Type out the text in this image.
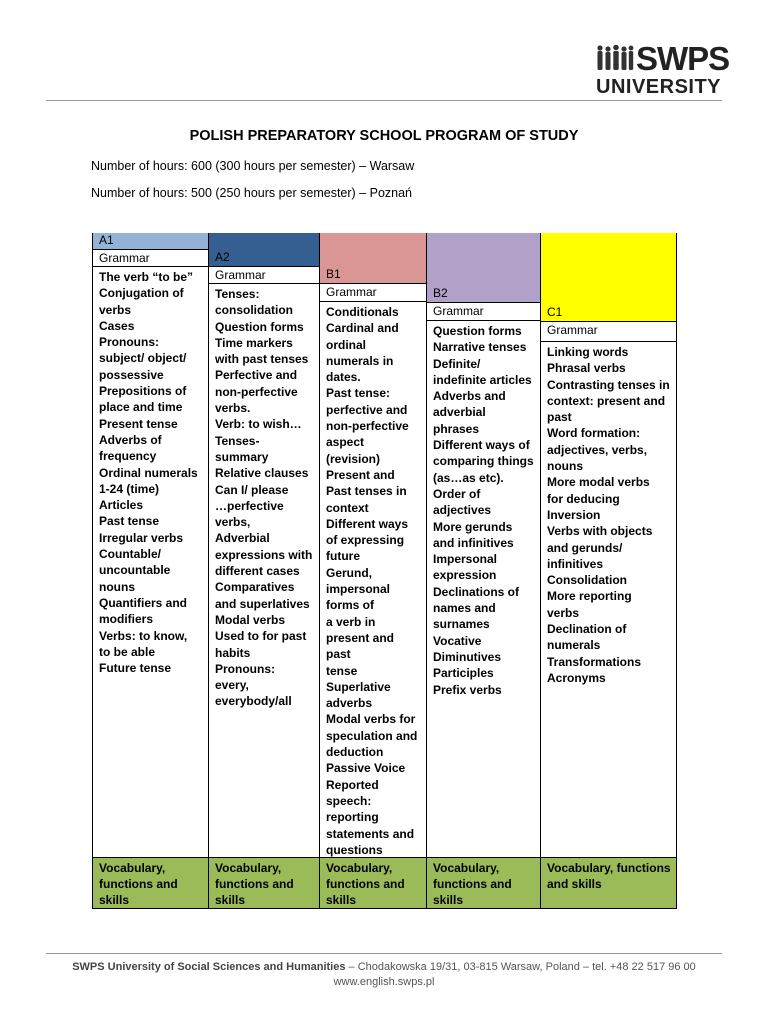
SWPS
UNIVERSITY
POLISH PREPARATORY SCHOOL PROGRAM OF STUDY
Number of hours: 600 (300 hours per semester) – Warsaw
Number of hours: 500 (250 hours per semester) – Poznań
A1
Grammar
The verb “to be”
Conjugation of
verbs
Cases
Pronouns:
subject/ object/
possessive
Prepositions of
place and time
Present tense
Adverbs of
frequency
Ordinal numerals
1-24 (time)
Articles
Past tense
Irregular verbs
Countable/
uncountable
nouns
Quantifiers and
modifiers
Verbs: to know,
to be able
Future tense
Vocabulary, functions and skills
A2
Grammar
Tenses:
consolidation
Question forms
Time markers
with past tenses
Perfective and
non-perfective
verbs.
Verb: to wish…
Tenses-
summary
Relative clauses
Can I/ please
…perfective
verbs,
Adverbial
expressions with
different cases
Comparatives
and superlatives
Modal verbs
Used to for past
habits
Pronouns:
every,
everybody/all
Vocabulary, functions and skills
B1
Grammar
Conditionals
Cardinal and
ordinal
numerals in
dates.
Past tense:
perfective and
non-perfective
aspect
(revision)
Present and
Past tenses in
context
Different ways
of expressing
future
Gerund,
impersonal
forms of
a verb in
present and
past
tense
Superlative
adverbs
Modal verbs for
speculation and
deduction
Passive Voice
Reported
speech:
reporting
statements and
questions
Vocabulary, functions and skills
B2
Grammar
Question forms
Narrative tenses
Definite/
indefinite articles
Adverbs and
adverbial
phrases
Different ways of
comparing things
(as…as etc).
Order of
adjectives
More gerunds
and infinitives
Impersonal
expression
Declinations of
names and
surnames
Vocative
Diminutives
Participles
Prefix verbs
Vocabulary, functions and skills
C1
Grammar
Linking words
Phrasal verbs
Contrasting tenses in
context: present and
past
Word formation:
adjectives, verbs,
nouns
More modal verbs
for deducing
Inversion
Verbs with objects
and gerunds/
infinitives
Consolidation
More reporting
verbs
Declination of
numerals
Transformations
Acronyms
Vocabulary, functions and skills
SWPS University of Social Sciences and Humanities – Chodakowska 19/31, 03-815 Warsaw, Poland – tel. +48 22 517 96 00
www.english.swps.pl
